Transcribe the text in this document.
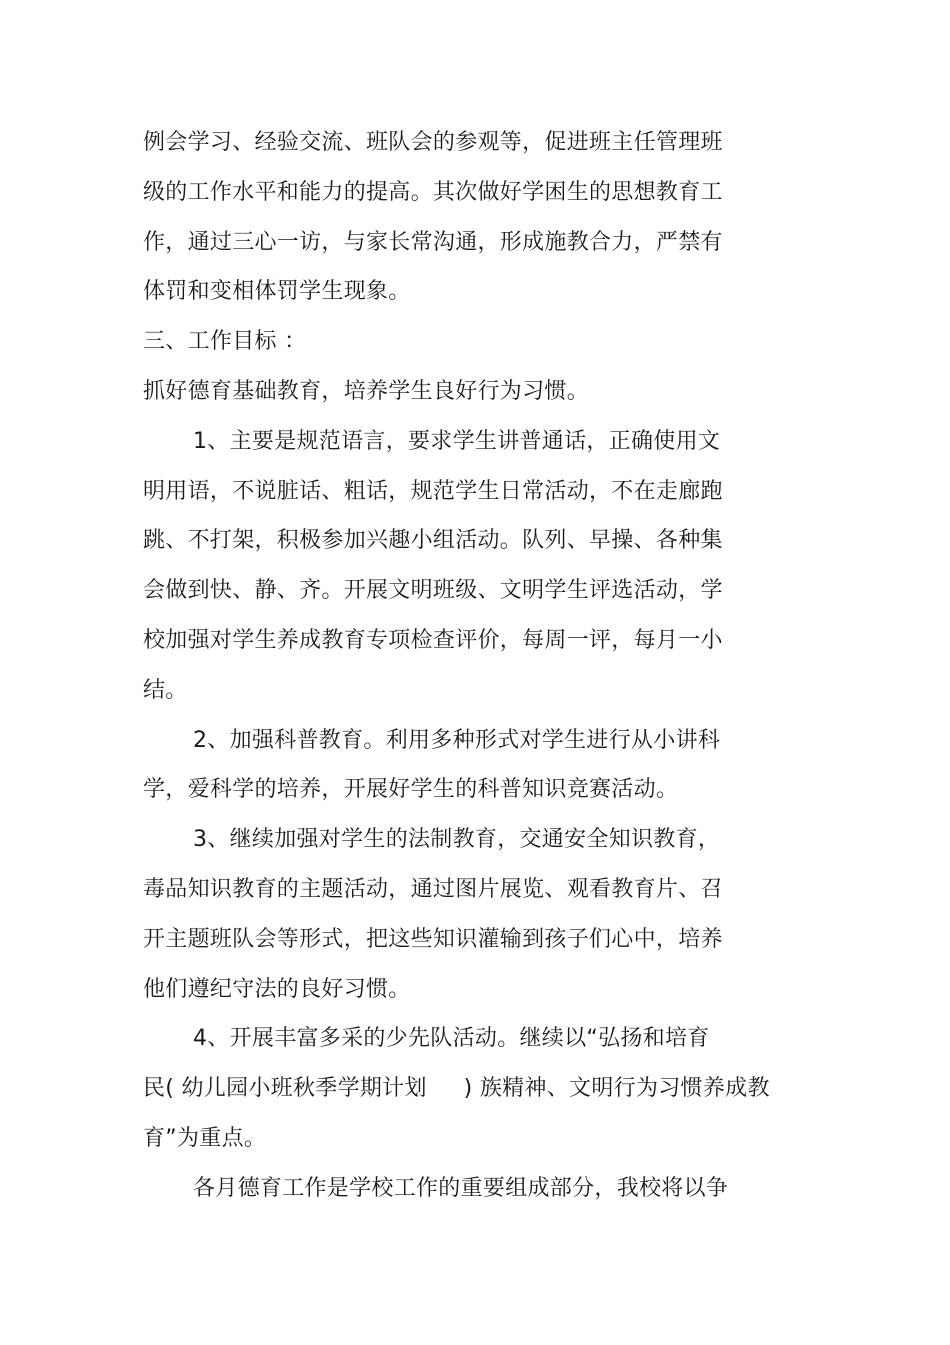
例会学习、经验交流、班队会的参观等，促进班主任管理班
级的工作水平和能力的提高。其次做好学困生的思想教育工
作，通过三心一访，与家长常沟通，形成施教合力，严禁有
体罚和变相体罚学生现象。
三、工作目标 ：
抓好德育基础教育，培养学生良好行为习惯。
1、主要是规范语言，要求学生讲普通话，正确使用文
明用语，不说脏话、粗话，规范学生日常活动，不在走廊跑
跳、不打架，积极参加兴趣小组活动。队列、早操、各种集
会做到快、静、齐。开展文明班级、文明学生评选活动，学
校加强对学生养成教育专项检查评价，每周一评，每月一小
结。
2、加强科普教育。利用多种形式对学生进行从小讲科
学，爱科学的培养，开展好学生的科普知识竞赛活动。
3、继续加强对学生的法制教育，交通安全知识教育，
毒品知识教育的主题活动，通过图片展览、观看教育片、召
开主题班队会等形式，把这些知识灌输到孩子们心中，培养
他们遵纪守法的良好习惯。
4、开展丰富多采的少先队活动。继续以“弘扬和培育
民( 幼儿园小班秋季学期计划 　 ) 族精神、文明行为习惯养成教
育”为重点。
各月德育工作是学校工作的重要组成部分，我校将以争
